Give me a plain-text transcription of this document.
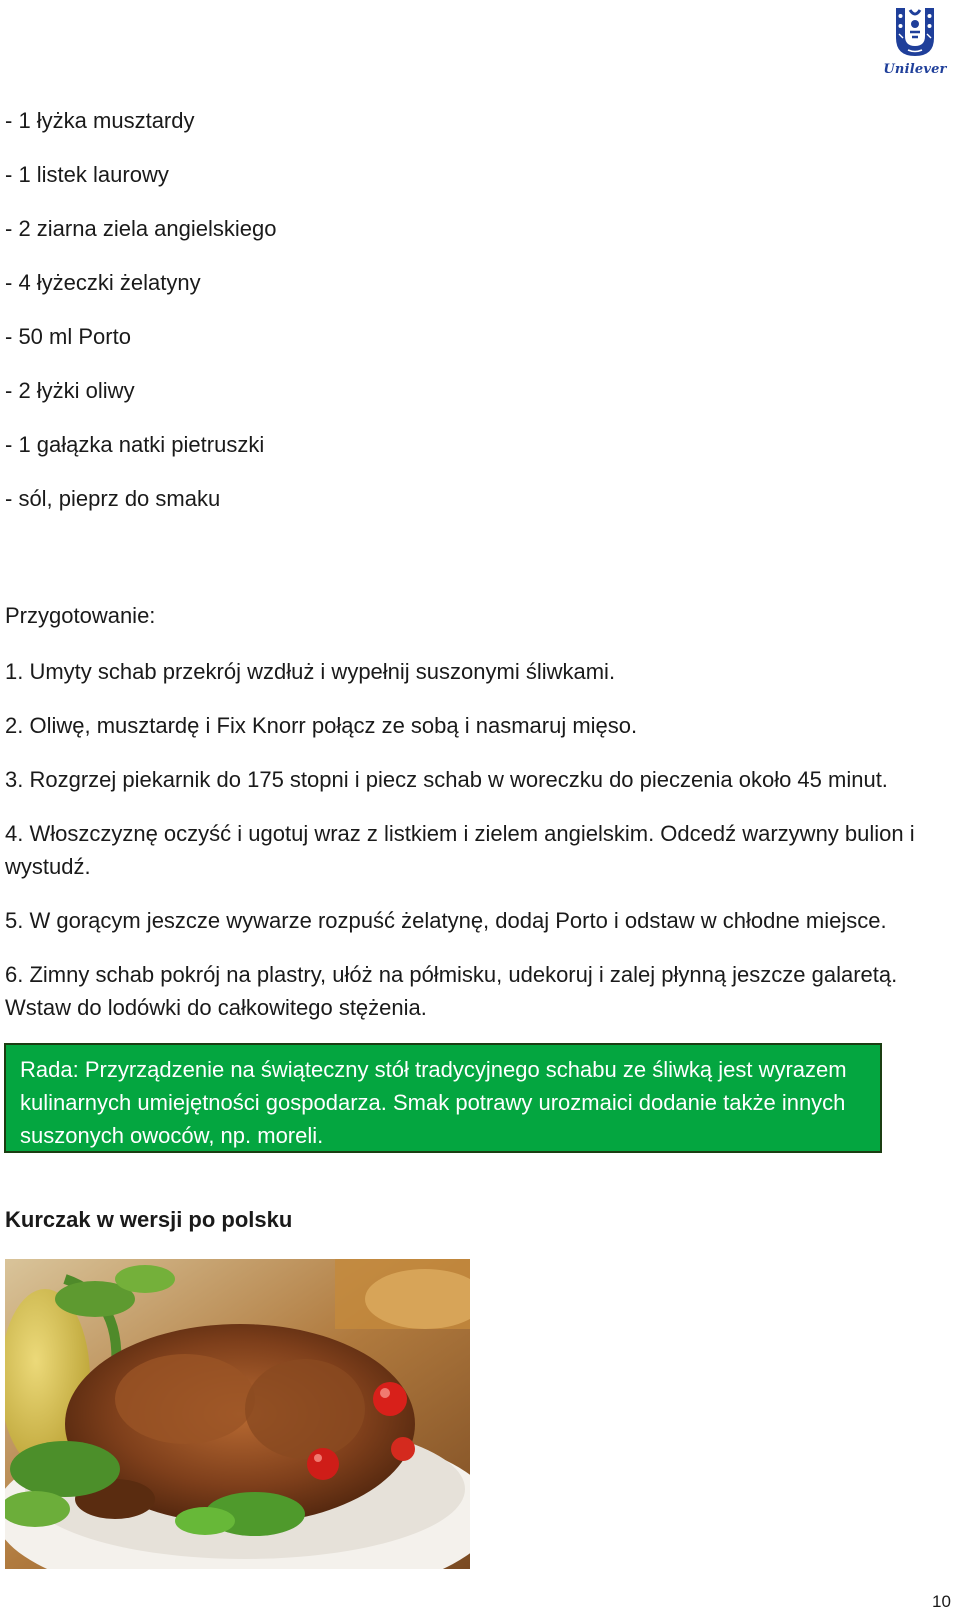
Unilever
- 1 łyżka musztardy
- 1 listek laurowy
- 2 ziarna ziela angielskiego
- 4 łyżeczki żelatyny
- 50 ml Porto
- 2 łyżki oliwy
- 1 gałązka natki pietruszki
- sól, pieprz do smaku
Przygotowanie:
1. Umyty schab przekrój wzdłuż i wypełnij suszonymi śliwkami.
2. Oliwę, musztardę i Fix Knorr połącz ze sobą i nasmaruj mięso.
3. Rozgrzej piekarnik do 175 stopni i piecz schab w woreczku do pieczenia około 45 minut.
4. Włoszczyznę oczyść i ugotuj wraz z listkiem i zielem angielskim. Odcedź warzywny bulion i wystudź.
5. W gorącym jeszcze wywarze rozpuść żelatynę, dodaj Porto i odstaw w chłodne miejsce.
6. Zimny schab pokrój na plastry, ułóż na półmisku, udekoruj i zalej płynną jeszcze galaretą. Wstaw do lodówki do całkowitego stężenia.
Rada: Przyrządzenie na świąteczny stół tradycyjnego schabu ze śliwką jest wyrazem kulinarnych umiejętności gospodarza. Smak potrawy urozmaici dodanie także innych suszonych owoców, np. moreli.
Kurczak w wersji po polsku
10
